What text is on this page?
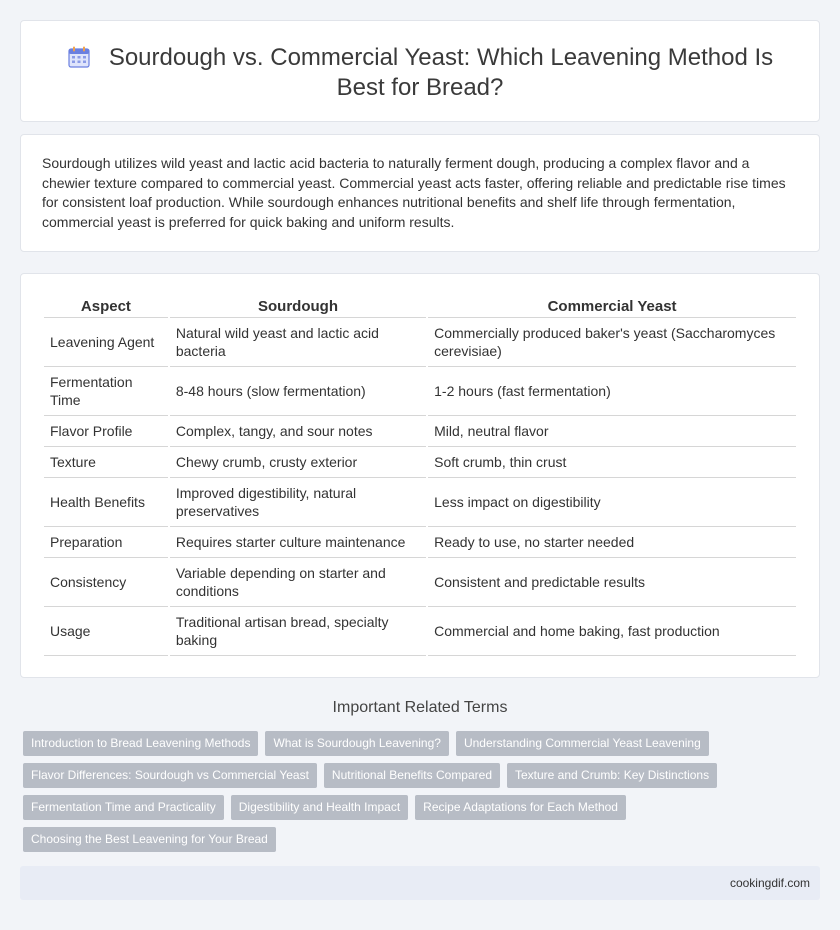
Sourdough vs. Commercial Yeast: Which Leavening Method Is Best for Bread?

Sourdough utilizes wild yeast and lactic acid bacteria to naturally ferment dough, producing a complex flavor and a chewier texture compared to commercial yeast. Commercial yeast acts faster, offering reliable and predictable rise times for consistent loaf production. While sourdough enhances nutritional benefits and shelf life through fermentation, commercial yeast is preferred for quick baking and uniform results.

Aspect	Sourdough	Commercial Yeast
Leavening Agent	Natural wild yeast and lactic acid bacteria	Commercially produced baker's yeast (Saccharomyces cerevisiae)
Fermentation Time	8-48 hours (slow fermentation)	1-2 hours (fast fermentation)
Flavor Profile	Complex, tangy, and sour notes	Mild, neutral flavor
Texture	Chewy crumb, crusty exterior	Soft crumb, thin crust
Health Benefits	Improved digestibility, natural preservatives	Less impact on digestibility
Preparation	Requires starter culture maintenance	Ready to use, no starter needed
Consistency	Variable depending on starter and conditions	Consistent and predictable results
Usage	Traditional artisan bread, specialty baking	Commercial and home baking, fast production
Important Related Terms
Introduction to Bread Leavening Methods	What is Sourdough Leavening?	Understanding Commercial Yeast Leavening
Flavor Differences: Sourdough vs Commercial Yeast	Nutritional Benefits Compared	Texture and Crumb: Key Distinctions
Fermentation Time and Practicality	Digestibility and Health Impact	Recipe Adaptations for Each Method
Choosing the Best Leavening for Your Bread
cookingdif.com
